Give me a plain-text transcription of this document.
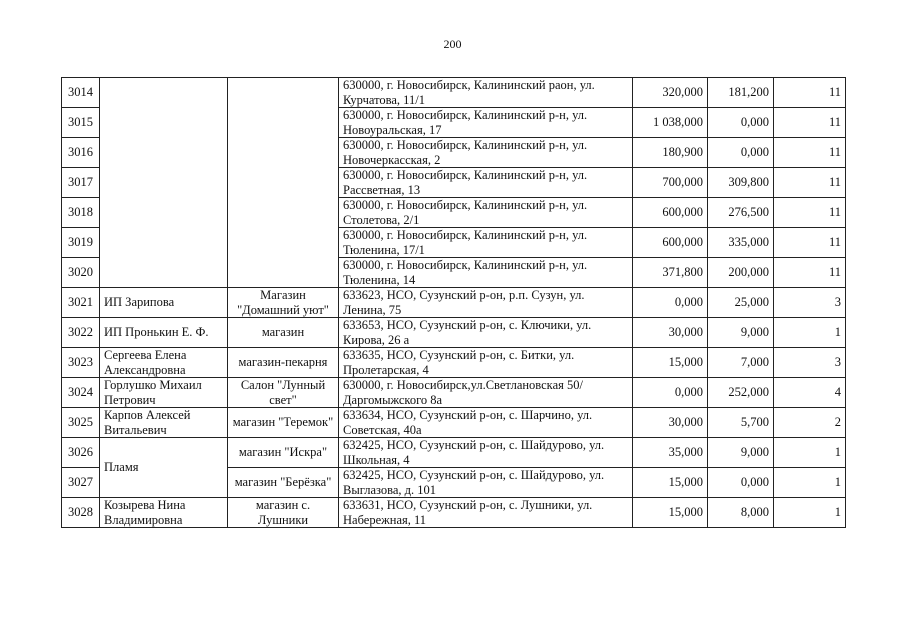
200
3014			630000, г. Новосибирск, Калининский раон, ул. Курчатова, 11/1	320,000	181,200	11
3015			630000, г. Новосибирск, Калининский р-н, ул. Новоуральская, 17	1 038,000	0,000	11
3016			630000, г. Новосибирск, Калининский р-н, ул. Новочеркасская, 2	180,900	0,000	11
3017			630000, г. Новосибирск, Калининский р-н, ул. Рассветная, 13	700,000	309,800	11
3018			630000, г. Новосибирск, Калининский р-н, ул. Столетова, 2/1	600,000	276,500	11
3019			630000, г. Новосибирск, Калининский р-н, ул. Тюленина, 17/1	600,000	335,000	11
3020			630000, г. Новосибирск, Калининский р-н, ул. Тюленина, 14	371,800	200,000	11
3021	ИП Зарипова	Магазин "Домашний уют"	633623, НСО, Сузунский р-он, р.п. Сузун, ул. Ленина, 75	0,000	25,000	3
3022	ИП Пронькин Е. Ф.	магазин	633653, НСО, Сузунский р-он, с. Ключики, ул. Кирова, 26 а	30,000	9,000	1
3023	Сергеева Елена Александровна	магазин-пекарня	633635, НСО, Сузунский р-он, с. Битки, ул. Пролетарская, 4	15,000	7,000	3
3024	Горлушко Михаил Петрович	Салон "Лунный свет"	630000, г. Новосибирск,ул.Светлановская 50/Даргомыжского 8а	0,000	252,000	4
3025	Карпов Алексей Витальевич	магазин "Теремок"	633634, НСО, Сузунский р-он, с. Шарчино, ул. Советская, 40а	30,000	5,700	2
3026	Пламя	магазин "Искра"	632425, НСО, Сузунский р-он, с. Шайдурово, ул. Школьная, 4	35,000	9,000	1
3027		магазин "Берёзка"	632425, НСО, Сузунский р-он, с. Шайдурово, ул. Выглазова, д. 101	15,000	0,000	1
3028	Козырева Нина Владимировна	магазин с. Лушники	633631, НСО, Сузунский р-он, с. Лушники, ул. Набережная, 11	15,000	8,000	1
